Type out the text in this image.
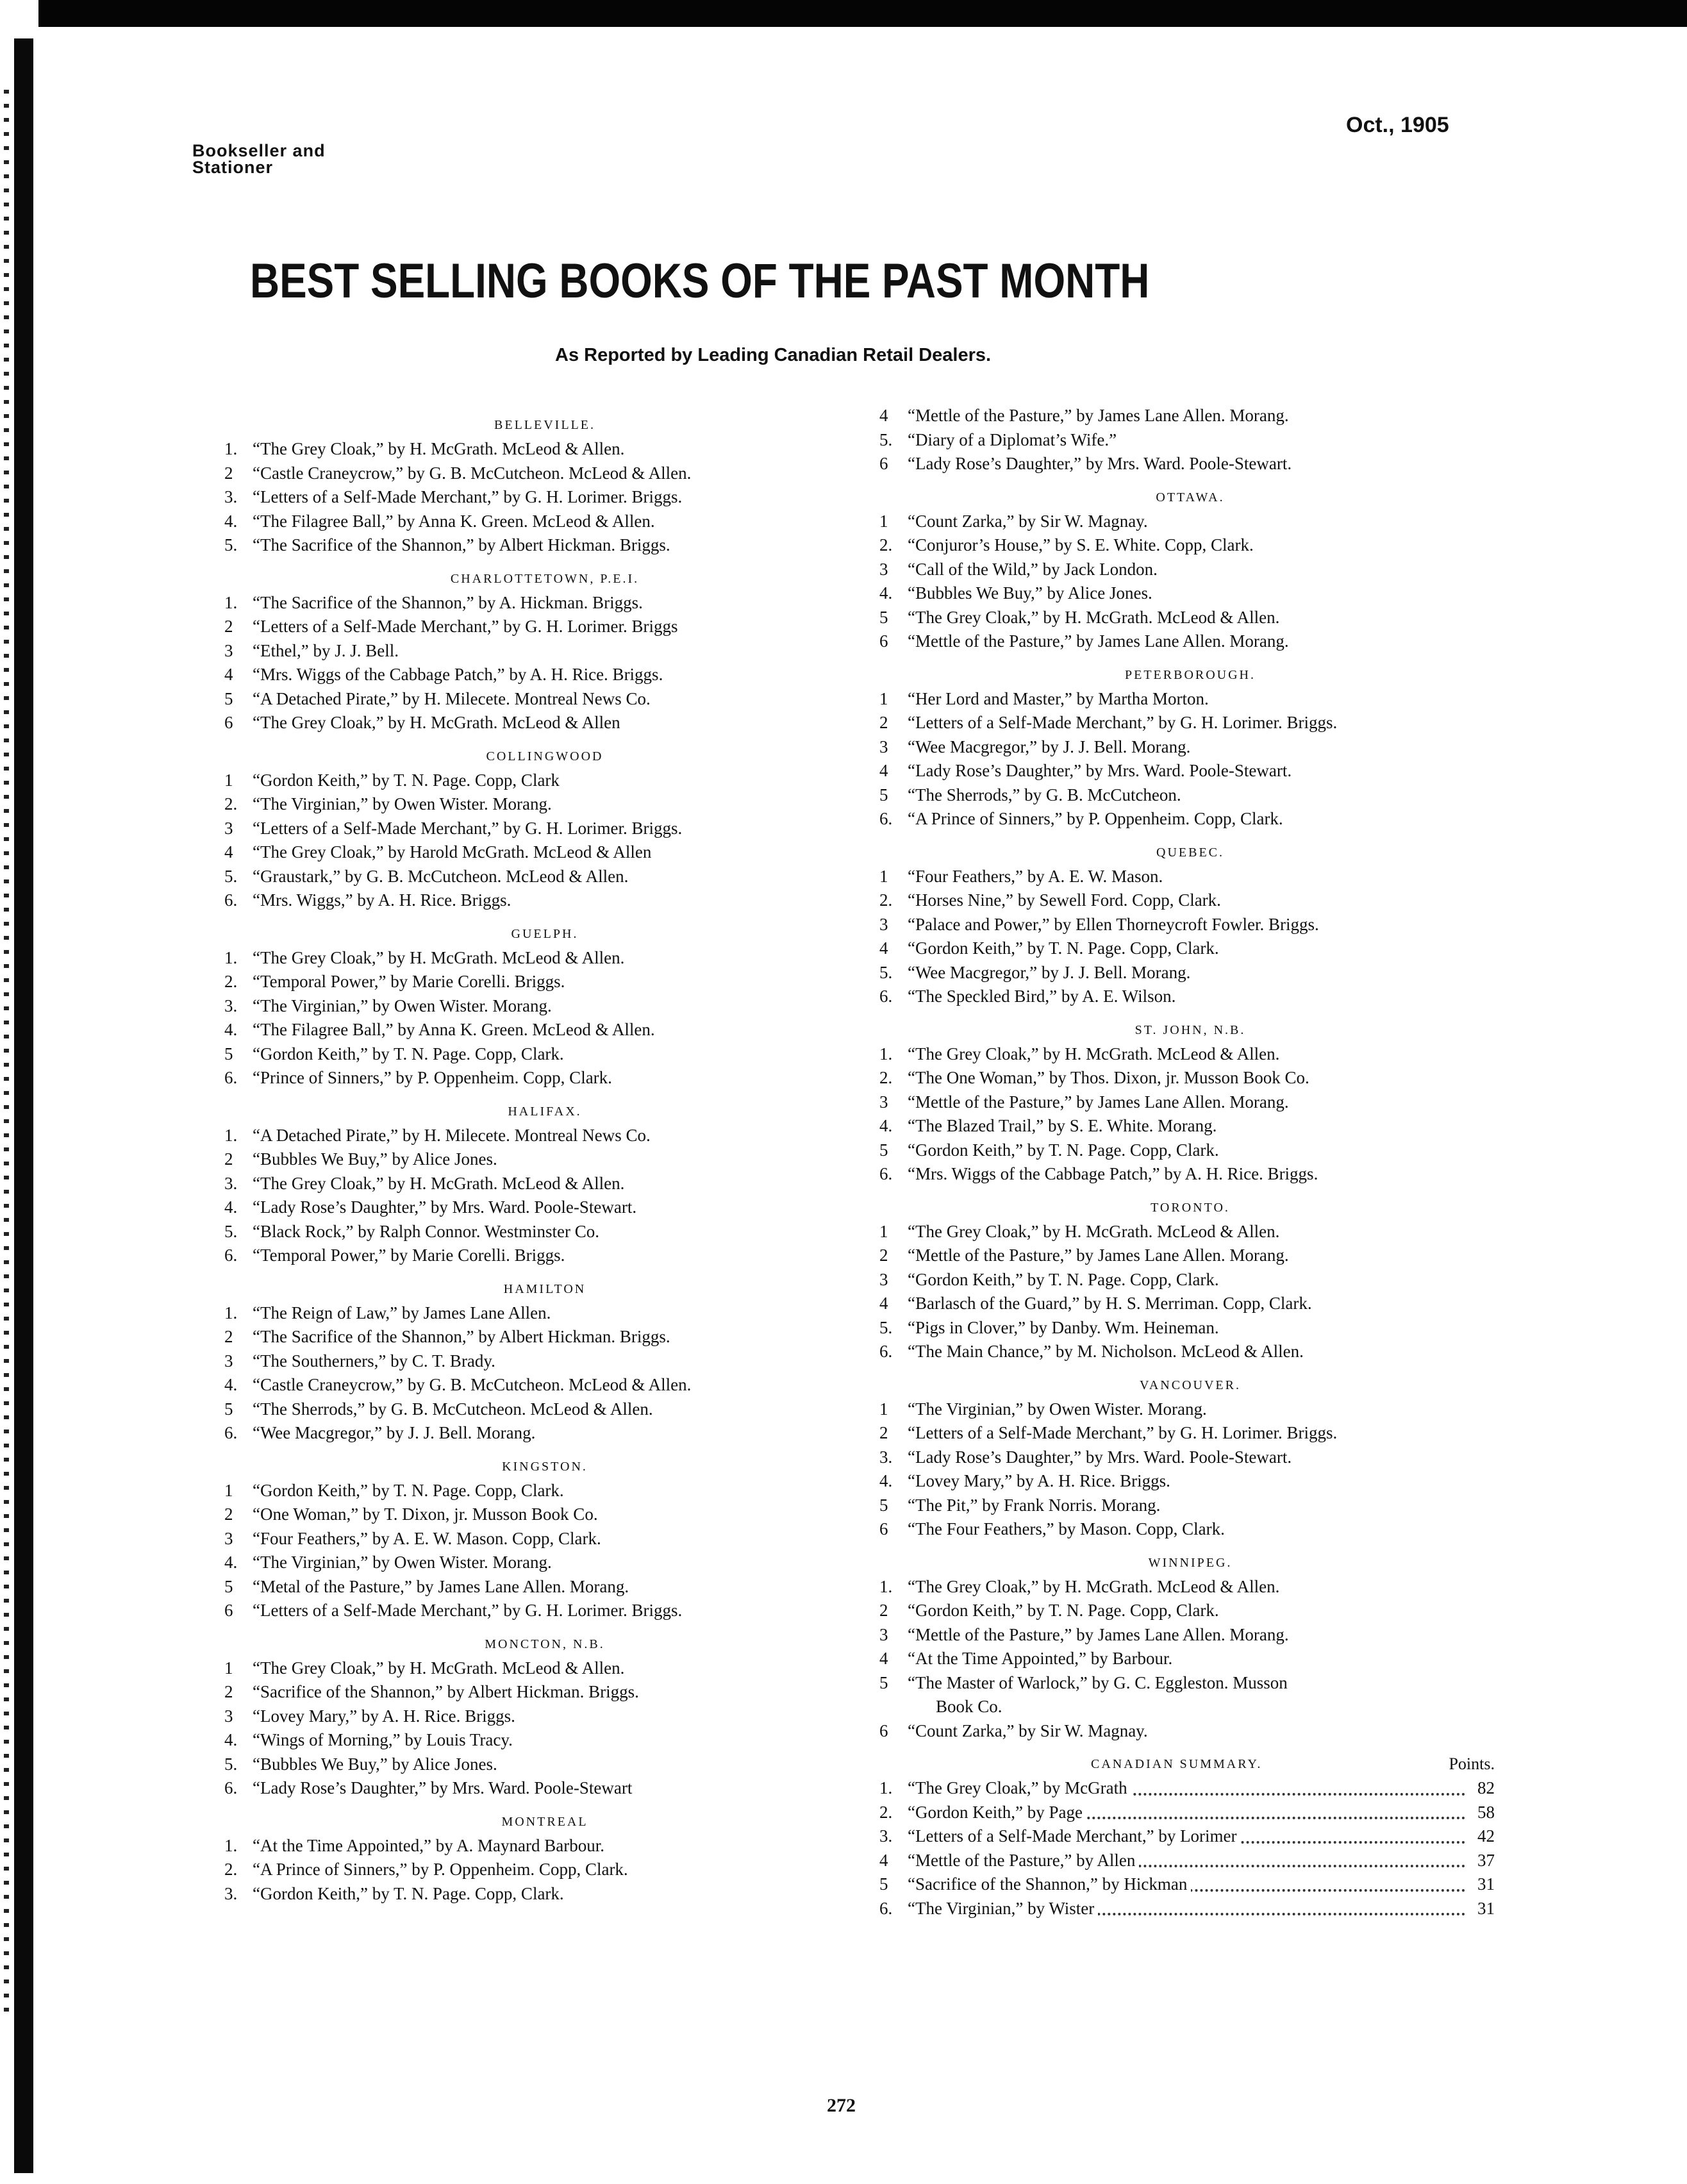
Bookseller and
Stationer
Oct., 1905
BEST SELLING BOOKS OF THE PAST MONTH
As Reported by Leading Canadian Retail Dealers.
BELLEVILLE.
1. “The Grey Cloak,” by H. McGrath. McLeod & Allen.
2	“Castle Craneycrow,” by G. B. McCutcheon. McLeod & Allen.
3. “Letters of a Self-Made Merchant,” by G. H. Lorimer. Briggs.
4. “The Filagree Ball,” by Anna K. Green. McLeod & Allen.
5. “The Sacrifice of the Shannon,” by Albert Hickman. Briggs.
CHARLOTTETOWN, P.E.I.
1. “The Sacrifice of the Shannon,” by A. Hickman. Briggs.
2	“Letters of a Self-Made Merchant,” by G. H. Lorimer. Briggs
3	“Ethel,” by J. J. Bell.
4	“Mrs. Wiggs of the Cabbage Patch,” by A. H. Rice. Briggs.
5	“A Detached Pirate,” by H. Milecete. Montreal News Co.
6	“The Grey Cloak,” by H. McGrath. McLeod & Allen
COLLINGWOOD
1	“Gordon Keith,” by T. N. Page. Copp, Clark
2. “The Virginian,” by Owen Wister. Morang.
3	“Letters of a Self-Made Merchant,” by G. H. Lorimer. Briggs.
4	“The Grey Cloak,” by Harold McGrath. McLeod & Allen
5. “Graustark,” by G. B. McCutcheon. McLeod & Allen.
6. “Mrs. Wiggs,” by A. H. Rice. Briggs.
GUELPH.
1. “The Grey Cloak,” by H. McGrath. McLeod & Allen.
2. “Temporal Power,” by Marie Corelli. Briggs.
3. “The Virginian,” by Owen Wister. Morang.
4. “The Filagree Ball,” by Anna K. Green. McLeod & Allen.
5	“Gordon Keith,” by T. N. Page. Copp, Clark.
6. “Prince of Sinners,” by P. Oppenheim. Copp, Clark.
HALIFAX.
1. “A Detached Pirate,” by H. Milecete. Montreal News Co.
2	“Bubbles We Buy,” by Alice Jones.
3. “The Grey Cloak,” by H. McGrath. McLeod & Allen.
4. “Lady Rose’s Daughter,” by Mrs. Ward. Poole-Stewart.
5. “Black Rock,” by Ralph Connor. Westminster Co.
6. “Temporal Power,” by Marie Corelli. Briggs.
HAMILTON
1. “The Reign of Law,” by James Lane Allen.
2	“The Sacrifice of the Shannon,” by Albert Hickman. Briggs.
3	“The Southerners,” by C. T. Brady.
4. “Castle Craneycrow,” by G. B. McCutcheon. McLeod & Allen.
5	“The Sherrods,” by G. B. McCutcheon. McLeod & Allen.
6. “Wee Macgregor,” by J. J. Bell. Morang.
KINGSTON.
1	“Gordon Keith,” by T. N. Page. Copp, Clark.
2	“One Woman,” by T. Dixon, jr. Musson Book Co.
3	“Four Feathers,” by A. E. W. Mason. Copp, Clark.
4. “The Virginian,” by Owen Wister. Morang.
5	“Metal of the Pasture,” by James Lane Allen. Morang.
6	“Letters of a Self-Made Merchant,” by G. H. Lorimer. Briggs.
MONCTON, N.B.
1	“The Grey Cloak,” by H. McGrath. McLeod & Allen.
2	“Sacrifice of the Shannon,” by Albert Hickman. Briggs.
3	“Lovey Mary,” by A. H. Rice. Briggs.
4. “Wings of Morning,” by Louis Tracy.
5. “Bubbles We Buy,” by Alice Jones.
6. “Lady Rose’s Daughter,” by Mrs. Ward. Poole-Stewart
MONTREAL
1. “At the Time Appointed,” by A. Maynard Barbour.
2. “A Prince of Sinners,” by P. Oppenheim. Copp, Clark.
3. “Gordon Keith,” by T. N. Page. Copp, Clark.
4	“Mettle of the Pasture,” by James Lane Allen. Morang.
5. “Diary of a Diplomat’s Wife.”
6	“Lady Rose’s Daughter,” by Mrs. Ward. Poole-Stewart.
OTTAWA.
1	“Count Zarka,” by Sir W. Magnay.
2. “Conjuror’s House,” by S. E. White. Copp, Clark.
3	“Call of the Wild,” by Jack London.
4. “Bubbles We Buy,” by Alice Jones.
5	“The Grey Cloak,” by H. McGrath. McLeod & Allen.
6	“Mettle of the Pasture,” by James Lane Allen. Morang.
PETERBOROUGH.
1	“Her Lord and Master,” by Martha Morton.
2	“Letters of a Self-Made Merchant,” by G. H. Lorimer. Briggs.
3	“Wee Macgregor,” by J. J. Bell. Morang.
4	“Lady Rose’s Daughter,” by Mrs. Ward. Poole-Stewart.
5	“The Sherrods,” by G. B. McCutcheon.
6. “A Prince of Sinners,” by P. Oppenheim. Copp, Clark.
QUEBEC.
1	“Four Feathers,” by A. E. W. Mason.
2. “Horses Nine,” by Sewell Ford. Copp, Clark.
3	“Palace and Power,” by Ellen Thorneycroft Fowler. Briggs.
4	“Gordon Keith,” by T. N. Page. Copp, Clark.
5. “Wee Macgregor,” by J. J. Bell. Morang.
6. “The Speckled Bird,” by A. E. Wilson.
ST. JOHN, N.B.
1. “The Grey Cloak,” by H. McGrath. McLeod & Allen.
2. “The One Woman,” by Thos. Dixon, jr. Musson Book Co.
3	“Mettle of the Pasture,” by James Lane Allen. Morang.
4. “The Blazed Trail,” by S. E. White. Morang.
5	“Gordon Keith,” by T. N. Page. Copp, Clark.
6. “Mrs. Wiggs of the Cabbage Patch,” by A. H. Rice. Briggs.
TORONTO.
1	“The Grey Cloak,” by H. McGrath. McLeod & Allen.
2	“Mettle of the Pasture,” by James Lane Allen. Morang.
3	“Gordon Keith,” by T. N. Page. Copp, Clark.
4	“Barlasch of the Guard,” by H. S. Merriman. Copp, Clark.
5. “Pigs in Clover,” by Danby. Wm. Heineman.
6. “The Main Chance,” by M. Nicholson. McLeod & Allen.
VANCOUVER.
1	“The Virginian,” by Owen Wister. Morang.
2	“Letters of a Self-Made Merchant,” by G. H. Lorimer. Briggs.
3. “Lady Rose’s Daughter,” by Mrs. Ward. Poole-Stewart.
4. “Lovey Mary,” by A. H. Rice. Briggs.
5	“The Pit,” by Frank Norris. Morang.
6	“The Four Feathers,” by Mason. Copp, Clark.
WINNIPEG.
1. “The Grey Cloak,” by H. McGrath. McLeod & Allen.
2	“Gordon Keith,” by T. N. Page. Copp, Clark.
3	“Mettle of the Pasture,” by James Lane Allen. Morang.
4	“At the Time Appointed,” by Barbour.
5	“The Master of Warlock,” by G. C. Eggleston. Musson
Book Co.
6	“Count Zarka,” by Sir W. Magnay.
CANADIAN SUMMARY.	Points.
1. “The Grey Cloak,” by McGrath	82
2. “Gordon Keith,” by Page	58
3. “Letters of a Self-Made Merchant,” by Lorimer	42
4	“Mettle of the Pasture,” by Allen	37
5	“Sacrifice of the Shannon,” by Hickman	31
6. “The Virginian,” by Wister	31
272
